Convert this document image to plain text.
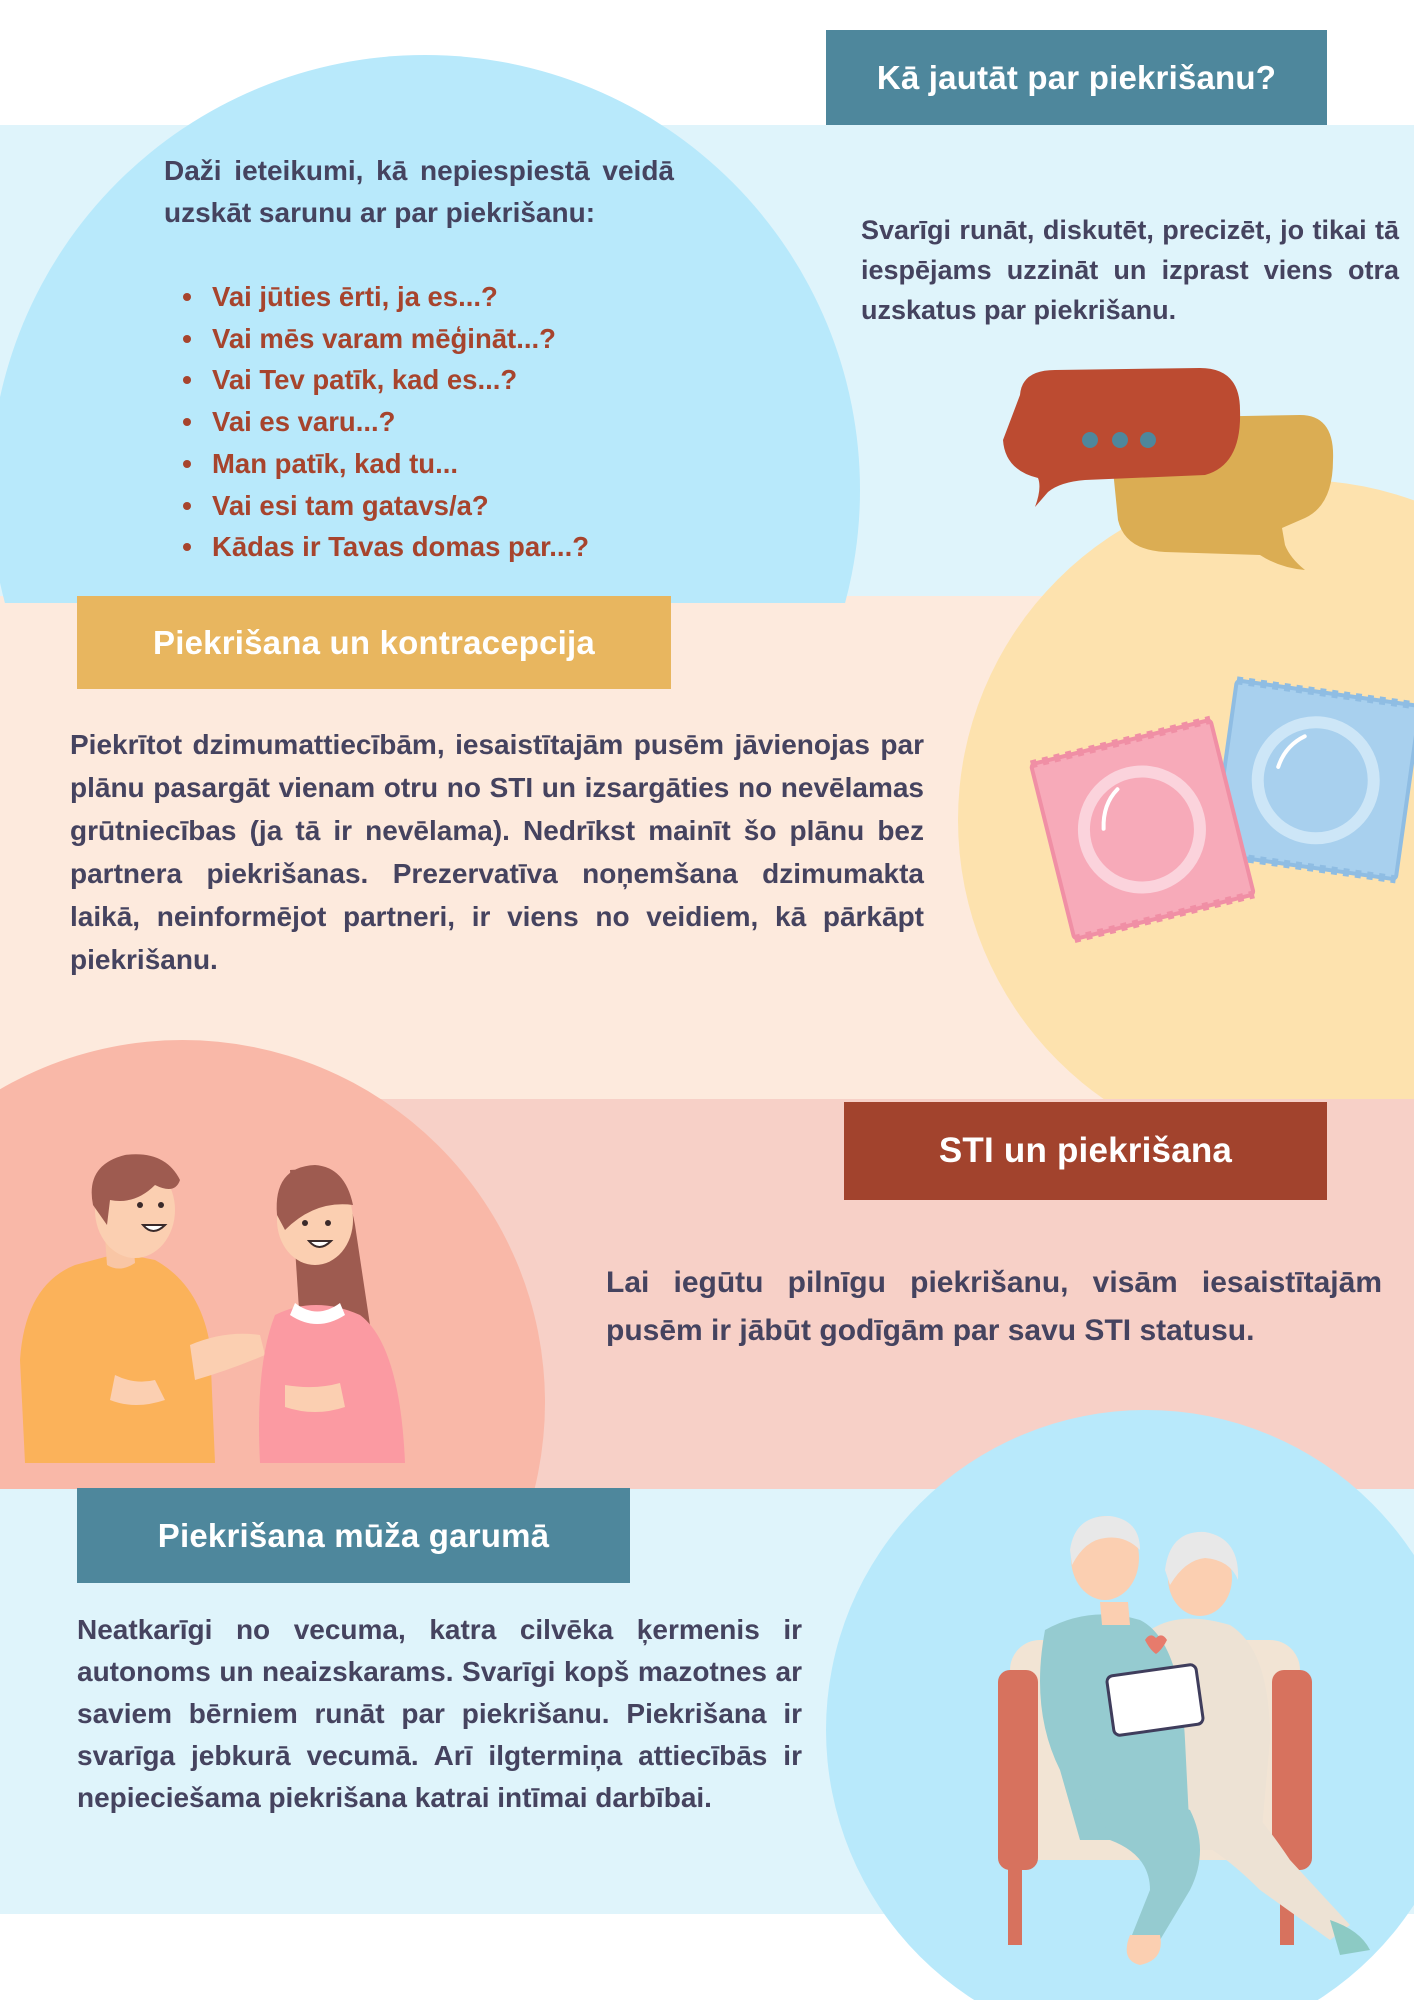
Kā jautāt par piekrišanu?

Daži ieteikumi, kā nepiespiestā veidā uzskāt sarunu ar par piekrišanu:

Vai jūties ērti, ja es...?
Vai mēs varam mēģināt...?
Vai Tev patīk, kad es...?
Vai es varu...?
Man patīk, kad tu...
Vai esi tam gatavs/a?
Kādas ir Tavas domas par...?

Svarīgi runāt, diskutēt, precizēt, jo tikai tā iespējams uzzināt un izprast viens otra uzskatus par piekrišanu.

Piekrišana un kontracepcija

Piekrītot dzimumattiecībām, iesaistītajām pusēm jāvienojas par plānu pasargāt vienam otru no STI un izsargāties no nevēlamas grūtniecības (ja tā ir nevēlama). Nedrīkst mainīt šo plānu bez partnera piekrišanas. Prezervatīva noņemšana dzimumakta laikā, neinformējot partneri, ir viens no veidiem, kā pārkāpt piekrišanu.

STI un piekrišana

Lai iegūtu pilnīgu piekrišanu, visām iesaistītajām pusēm ir jābūt godīgām par savu STI statusu.

Piekrišana mūža garumā

Neatkarīgi no vecuma, katra cilvēka ķermenis ir autonoms un neaizskarams. Svarīgi kopš mazotnes ar saviem bērniem runāt par piekrišanu. Piekrišana ir svarīga jebkurā vecumā. Arī ilgtermiņa attiecībās ir nepieciešama piekrišana katrai intīmai darbībai.
